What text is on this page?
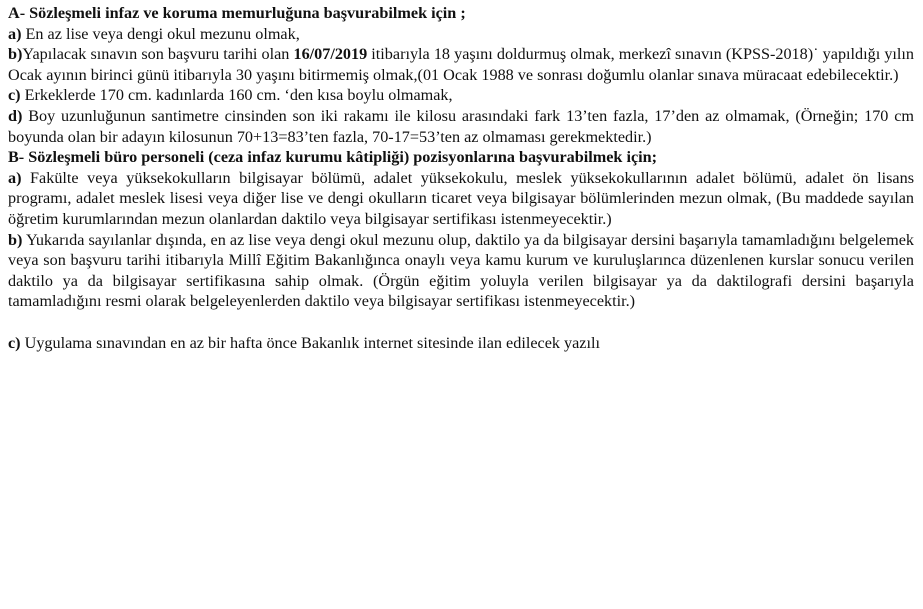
A- Sözleşmeli infaz ve koruma memurluğuna başvurabilmek için ;

a) En az lise veya dengi okul mezunu olmak,

b)Yapılacak sınavın son başvuru tarihi olan 16/07/2019 itibarıyla 18 yaşını doldurmuş olmak, merkezî sınavın (KPSS-2018)˙ yapıldığı yılın Ocak ayının birinci günü itibarıyla 30 yaşını bitirmemiş olmak,(01 Ocak 1988 ve sonrası doğumlu olanlar sınava müracaat edebilecektir.)

c) Erkeklerde 170 cm. kadınlarda 160 cm. ‘den kısa boylu olmamak,

d) Boy uzunluğunun santimetre cinsinden son iki rakamı ile kilosu arasındaki fark 13’ten fazla, 17’den az olmamak, (Örneğin; 170 cm boyunda olan bir adayın kilosunun 70+13=83’ten fazla, 70-17=53’ten az olmaması gerekmektedir.)

B- Sözleşmeli büro personeli (ceza infaz kurumu kâtipliği) pozisyonlarına başvurabilmek için;

a) Fakülte veya yüksekokulların bilgisayar bölümü, adalet yüksekokulu, meslek yüksekokullarının adalet bölümü, adalet ön lisans programı, adalet meslek lisesi veya diğer lise ve dengi okulların ticaret veya bilgisayar bölümlerinden mezun olmak, (Bu maddede sayılan öğretim kurumlarından mezun olanlardan daktilo veya bilgisayar sertifikası istenmeyecektir.)

b) Yukarıda sayılanlar dışında, en az lise veya dengi okul mezunu olup, daktilo ya da bilgisayar dersini başarıyla tamamladığını belgelemek veya son başvuru tarihi itibarıyla Millî Eğitim Bakanlığınca onaylı veya kamu kurum ve kuruluşlarınca düzenlenen kurslar sonucu verilen daktilo ya da bilgisayar sertifikasına sahip olmak. (Örgün eğitim yoluyla verilen bilgisayar ya da daktilografi dersini başarıyla tamamladığını resmi olarak belgeleyenlerden daktilo veya bilgisayar sertifikası istenmeyecektir.)

c) Uygulama sınavından en az bir hafta önce Bakanlık internet sitesinde ilan edilecek yazılı
